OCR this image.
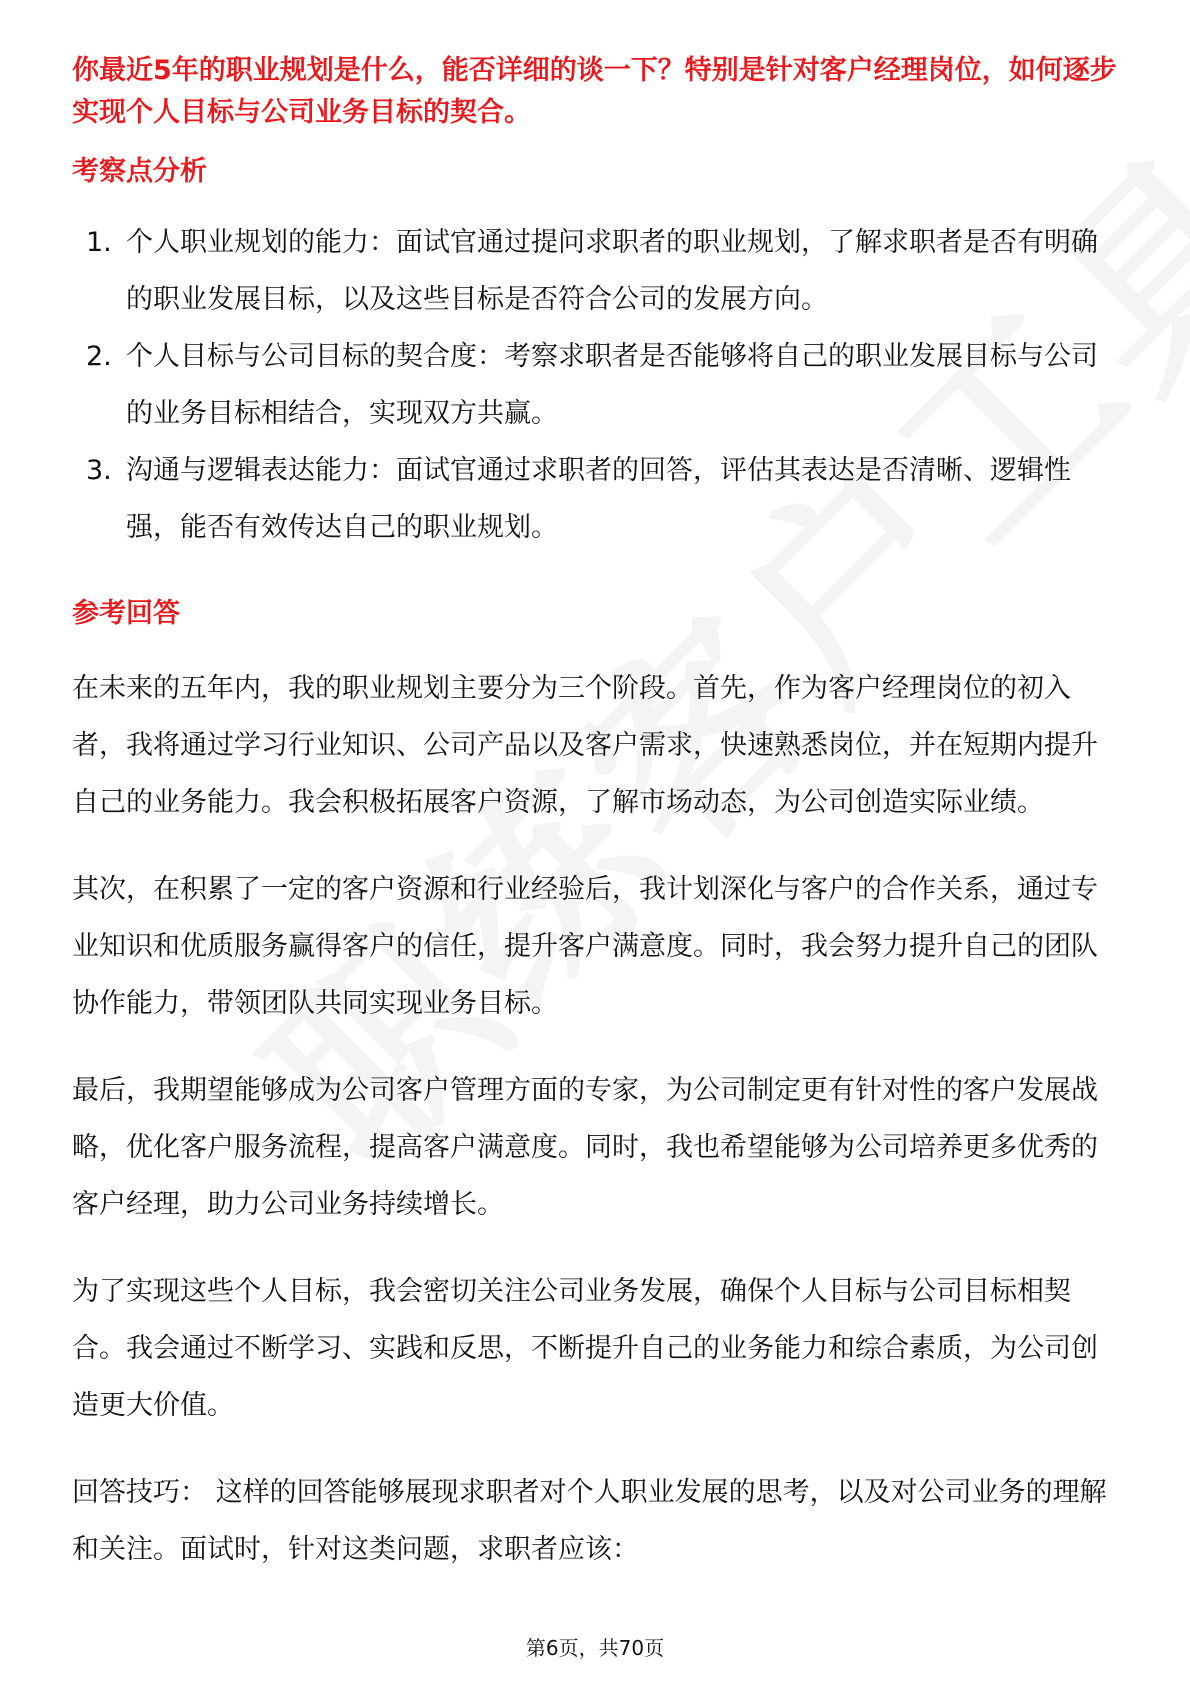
你最近5年的职业规划是什么，能否详细的谈一下？特别是针对客户经理岗位，如何逐步实现个人目标与公司业务目标的契合。

考察点分析
1. 个人职业规划的能力：面试官通过提问求职者的职业规划，了解求职者是否有明确的职业发展目标，以及这些目标是否符合公司的发展方向。
2. 个人目标与公司目标的契合度：考察求职者是否能够将自己的职业发展目标与公司的业务目标相结合，实现双方共赢。
3. 沟通与逻辑表达能力：面试官通过求职者的回答，评估其表达是否清晰、逻辑性强，能否有效传达自己的职业规划。
参考回答

在未来的五年内，我的职业规划主要分为三个阶段。首先，作为客户经理岗位的初入者，我将通过学习行业知识、公司产品以及客户需求，快速熟悉岗位，并在短期内提升自己的业务能力。我会积极拓展客户资源，了解市场动态，为公司创造实际业绩。

其次，在积累了一定的客户资源和行业经验后，我计划深化与客户的合作关系，通过专业知识和优质服务赢得客户的信任，提升客户满意度。同时，我会努力提升自己的团队协作能力，带领团队共同实现业务目标。

最后，我期望能够成为公司客户管理方面的专家，为公司制定更有针对性的客户发展战略，优化客户服务流程，提高客户满意度。同时，我也希望能够为公司培养更多优秀的客户经理，助力公司业务持续增长。

为了实现这些个人目标，我会密切关注公司业务发展，确保个人目标与公司目标相契合。我会通过不断学习、实践和反思，不断提升自己的业务能力和综合素质，为公司创造更大价值。

回答技巧： 这样的回答能够展现求职者对个人职业发展的思考，以及对公司业务的理解和关注。面试时，针对这类问题，求职者应该：

第6页，共70页
